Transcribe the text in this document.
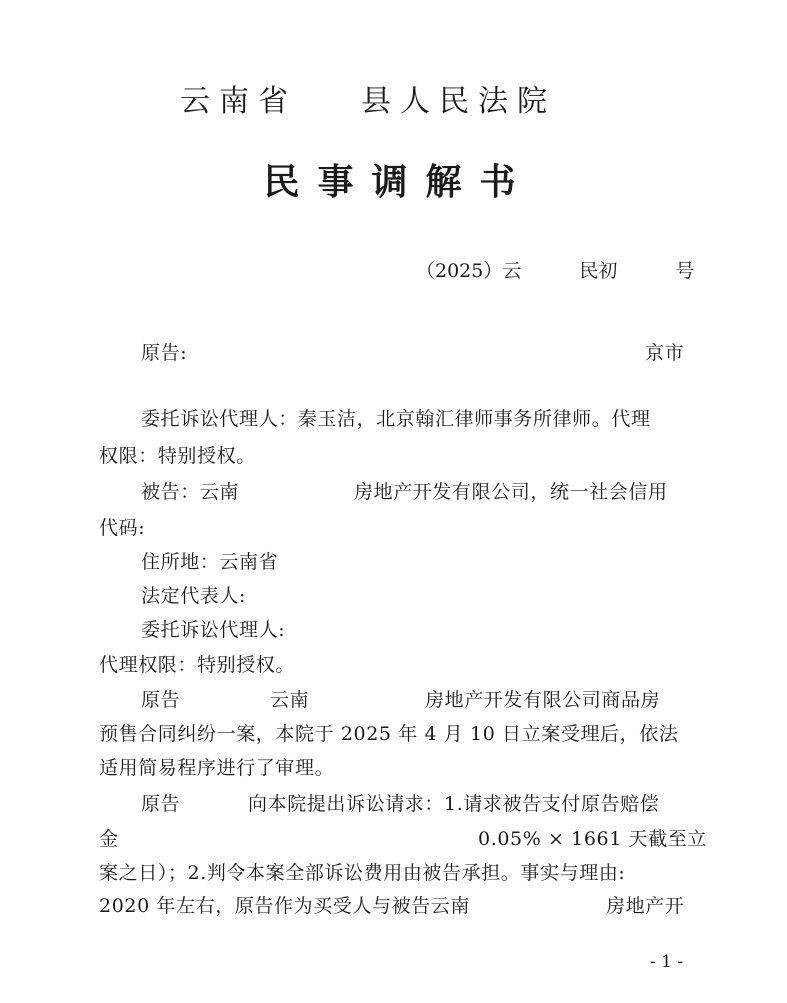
云南省 县人民法院
民事调解书
（2025）云	民初	号
原告:	京市
委托诉讼代理人：秦玉洁，北京翰汇律师事务所律师。代理
权限：特别授权。
被告：云南	房地产开发有限公司，统一社会信用
代码:
住所地：云南省
法定代表人:
委托诉讼代理人:
代理权限：特别授权。
原告	云南	房地产开发有限公司商品房
预售合同纠纷一案，本院于 2025 年 4 月 10 日立案受理后，依法
适用简易程序进行了审理。
原告	向本院提出诉讼请求：1.请求被告支付原告赔偿
金	0.05% × 1661 天截至立
案之日）；2.判令本案全部诉讼费用由被告承担。事实与理由:
2020 年左右，原告作为买受人与被告云南	房地产开
- 1 -
